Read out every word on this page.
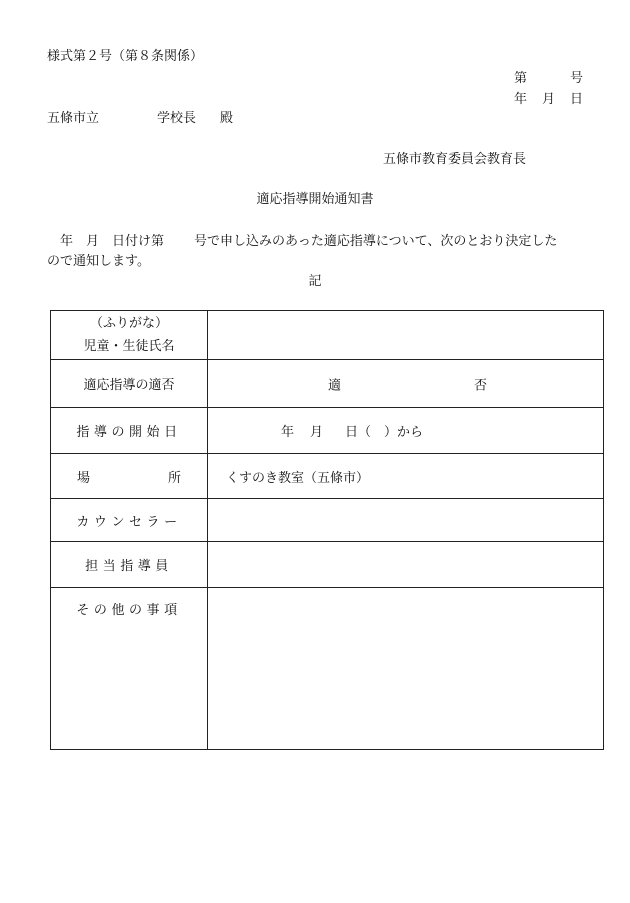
様式第２号（第８条関係）
第	号
年 月 日
五條市立	学校長 殿
五條市教育委員会教育長
適応指導開始通知書
年 月 日付け第 号で申し込みのあった適応指導について、次のとおり決定した
ので通知します。
記
（ふりがな）
児童・生徒氏名	

適応指導の適否	適 否

指導の開始日	年 月 日（　）から

場 所	くすのき教室（五條市）
カウンセラー	
担当指導員	
その他の事項	
